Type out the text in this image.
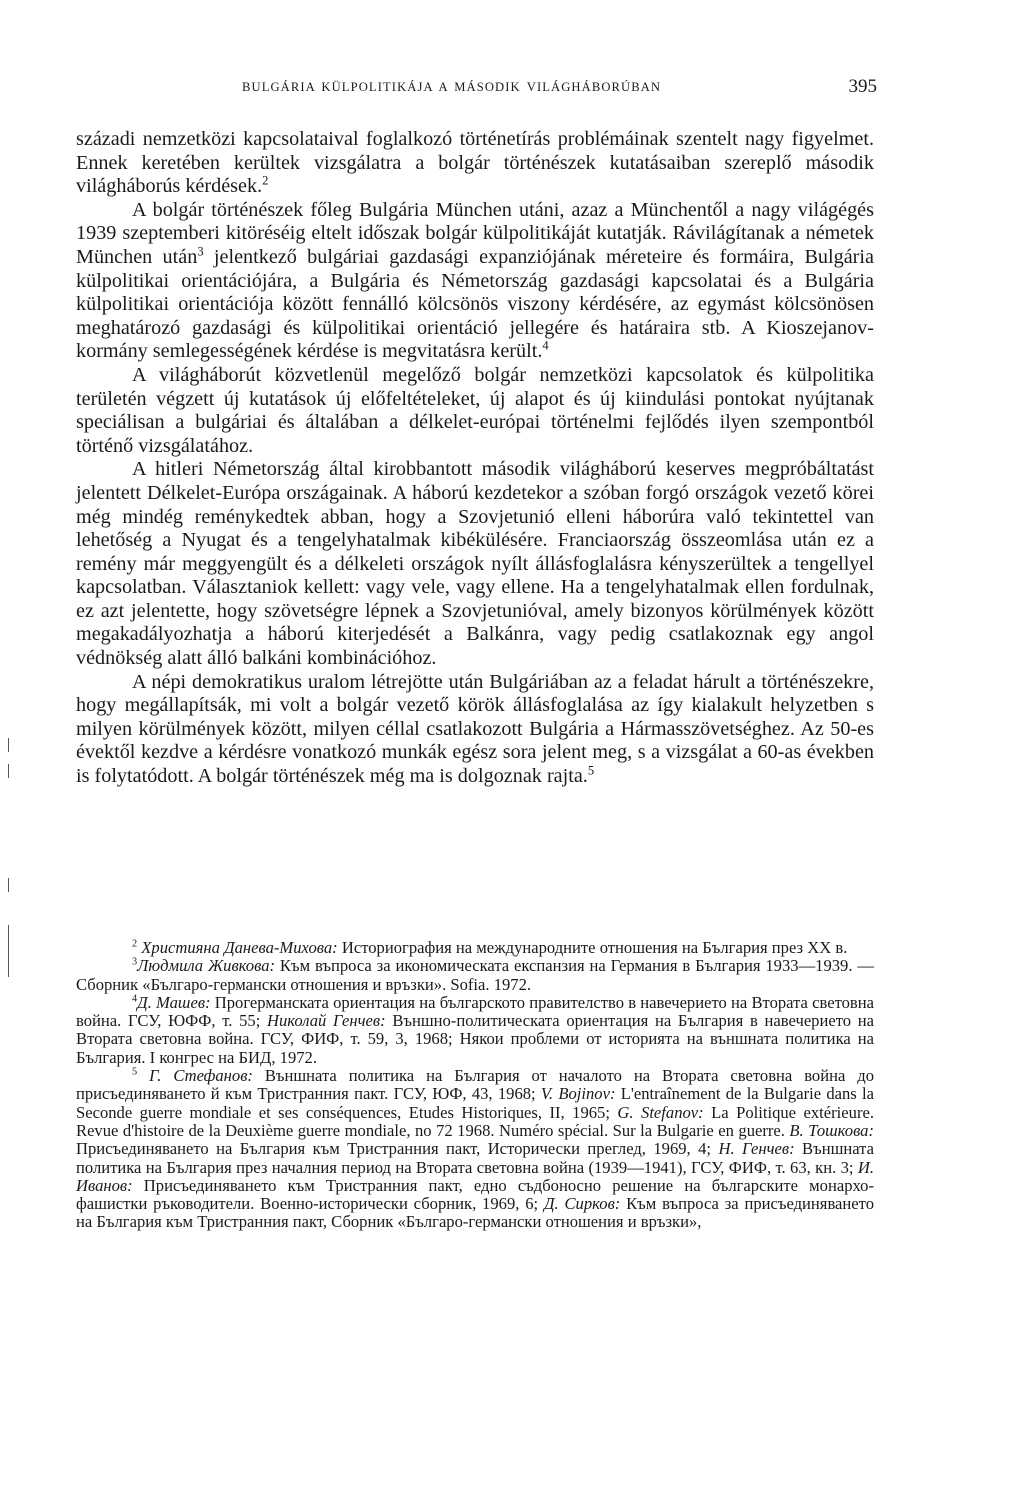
BULGÁRIA KÜLPOLITIKÁJA A MÁSODIK VILÁGHÁBORÚBAN	395

századi nemzetközi kapcsolataival foglalkozó történetírás problémáinak szentelt nagy figyelmet. Ennek keretében kerültek vizsgálatra a bolgár történészek kutatásaiban szereplő második világháborús kérdések.$^2$

A bolgár történészek főleg Bulgária München utáni, azaz a Münchentől a nagy világégés 1939 szeptemberi kitöréséig eltelt időszak bolgár külpolitikáját kutatják. Rávilágítanak a németek München után$^3$ jelentkező bulgáriai gazdasági expanziójának méreteire és formáira, Bulgária külpolitikai orientációjára, a Bulgária és Németország gazdasági kapcsolatai és a Bulgária külpolitikai orientációja között fennálló kölcsönös viszony kérdésére, az egymást kölcsönösen meghatározó gazdasági és külpolitikai orientáció jellegére és határaira stb. A Kioszejanov-kormány semlegességének kérdése is megvitatásra került.$^4$

A világháborút közvetlenül megelőző bolgár nemzetközi kapcsolatok és külpolitika területén végzett új kutatások új előfeltételeket, új alapot és új kiindulási pontokat nyújtanak speciálisan a bulgáriai és általában a délkelet-európai történelmi fejlődés ilyen szempontból történő vizsgálatához.

A hitleri Németország által kirobbantott második világháború keserves megpróbáltatást jelentett Délkelet-Európa országainak. A háború kezdetekor a szóban forgó országok vezető körei még mindég reménykedtek abban, hogy a Szovjetunió elleni háborúra való tekintettel van lehetőség a Nyugat és a tengelyhatalmak kibékülésére. Franciaország összeomlása után ez a remény már meggyengült és a délkeleti országok nyílt állásfoglalásra kényszerültek a tengellyel kapcsolatban. Választaniok kellett: vagy vele, vagy ellene. Ha a tengelyhatalmak ellen fordulnak, ez azt jelentette, hogy szövetségre lépnek a Szovjetunióval, amely bizonyos körülmények között megakadályozhatja a háború kiterjedését a Balkánra, vagy pedig csatlakoznak egy angol védnökség alatt álló balkáni kombinációhoz.

A népi demokratikus uralom létrejötte után Bulgáriában az a feladat hárult a történészekre, hogy megállapítsák, mi volt a bolgár vezető körök állásfoglalása az így kialakult helyzetben s milyen körülmények között, milyen céllal csatlakozott Bulgária a Hármasszövetséghez. Az 50-es évektől kezdve a kérdésre vonatkozó munkák egész sora jelent meg, s a vizsgálat a 60-as években is folytatódott. A bolgár történészek még ma is dolgoznak rajta.$^5$

$^2$ Християна Данева-Михова: Историография на международните отношения на България през XX в.

$^3$Людмила Живкова: Към въпроса за икономическата експанзия на Германия в България 1933—1939. — Сборник «Българо-германски отношения и връзки». Sofia. 1972.

$^4$Д. Машев: Прогерманската ориентация на българското правителство в навечерието на Втората световна война. ГСУ, ЮФФ, т. 55; Николай Генчев: Външно-политическата ориентация на България в навечерието на Втората световна война. ГСУ, ФИФ, т. 59, 3, 1968; Някои проблеми от историята на външната политика на България. I конгрес на БИД, 1972.

$^5$ Г. Стефанов: Външната политика на България от началото на Втората световна война до присъединяването й към Тристранния пакт. ГСУ, ЮФ, 43, 1968; V. Bojinov: L'entraînement de la Bulgarie dans la Seconde guerre mondiale et ses conséquences, Etudes Historiques, II, 1965; G. Stefanov: La Politique extérieure. Revue d'histoire de la Deuxième guerre mondiale, no 72 1968. Numéro spécial. Sur la Bulgarie en guerre. В. Тошкова: Присъединяването на България към Тристранния пакт, Исторически преглед, 1969, 4; Н. Генчев: Външната политика на България през началния период на Втората световна война (1939—1941), ГСУ, ФИФ, т. 63, кн. 3; И. Иванов: Присъединяването към Тристранния пакт, едно съдбоносно решение на българските монархо-фашистки ръководители. Военно-исторически сборник, 1969, 6; Д. Сирков: Към въпроса за присъединяването на България към Тристранния пакт, Сборник «Българо-германски отношения и връзки»,
